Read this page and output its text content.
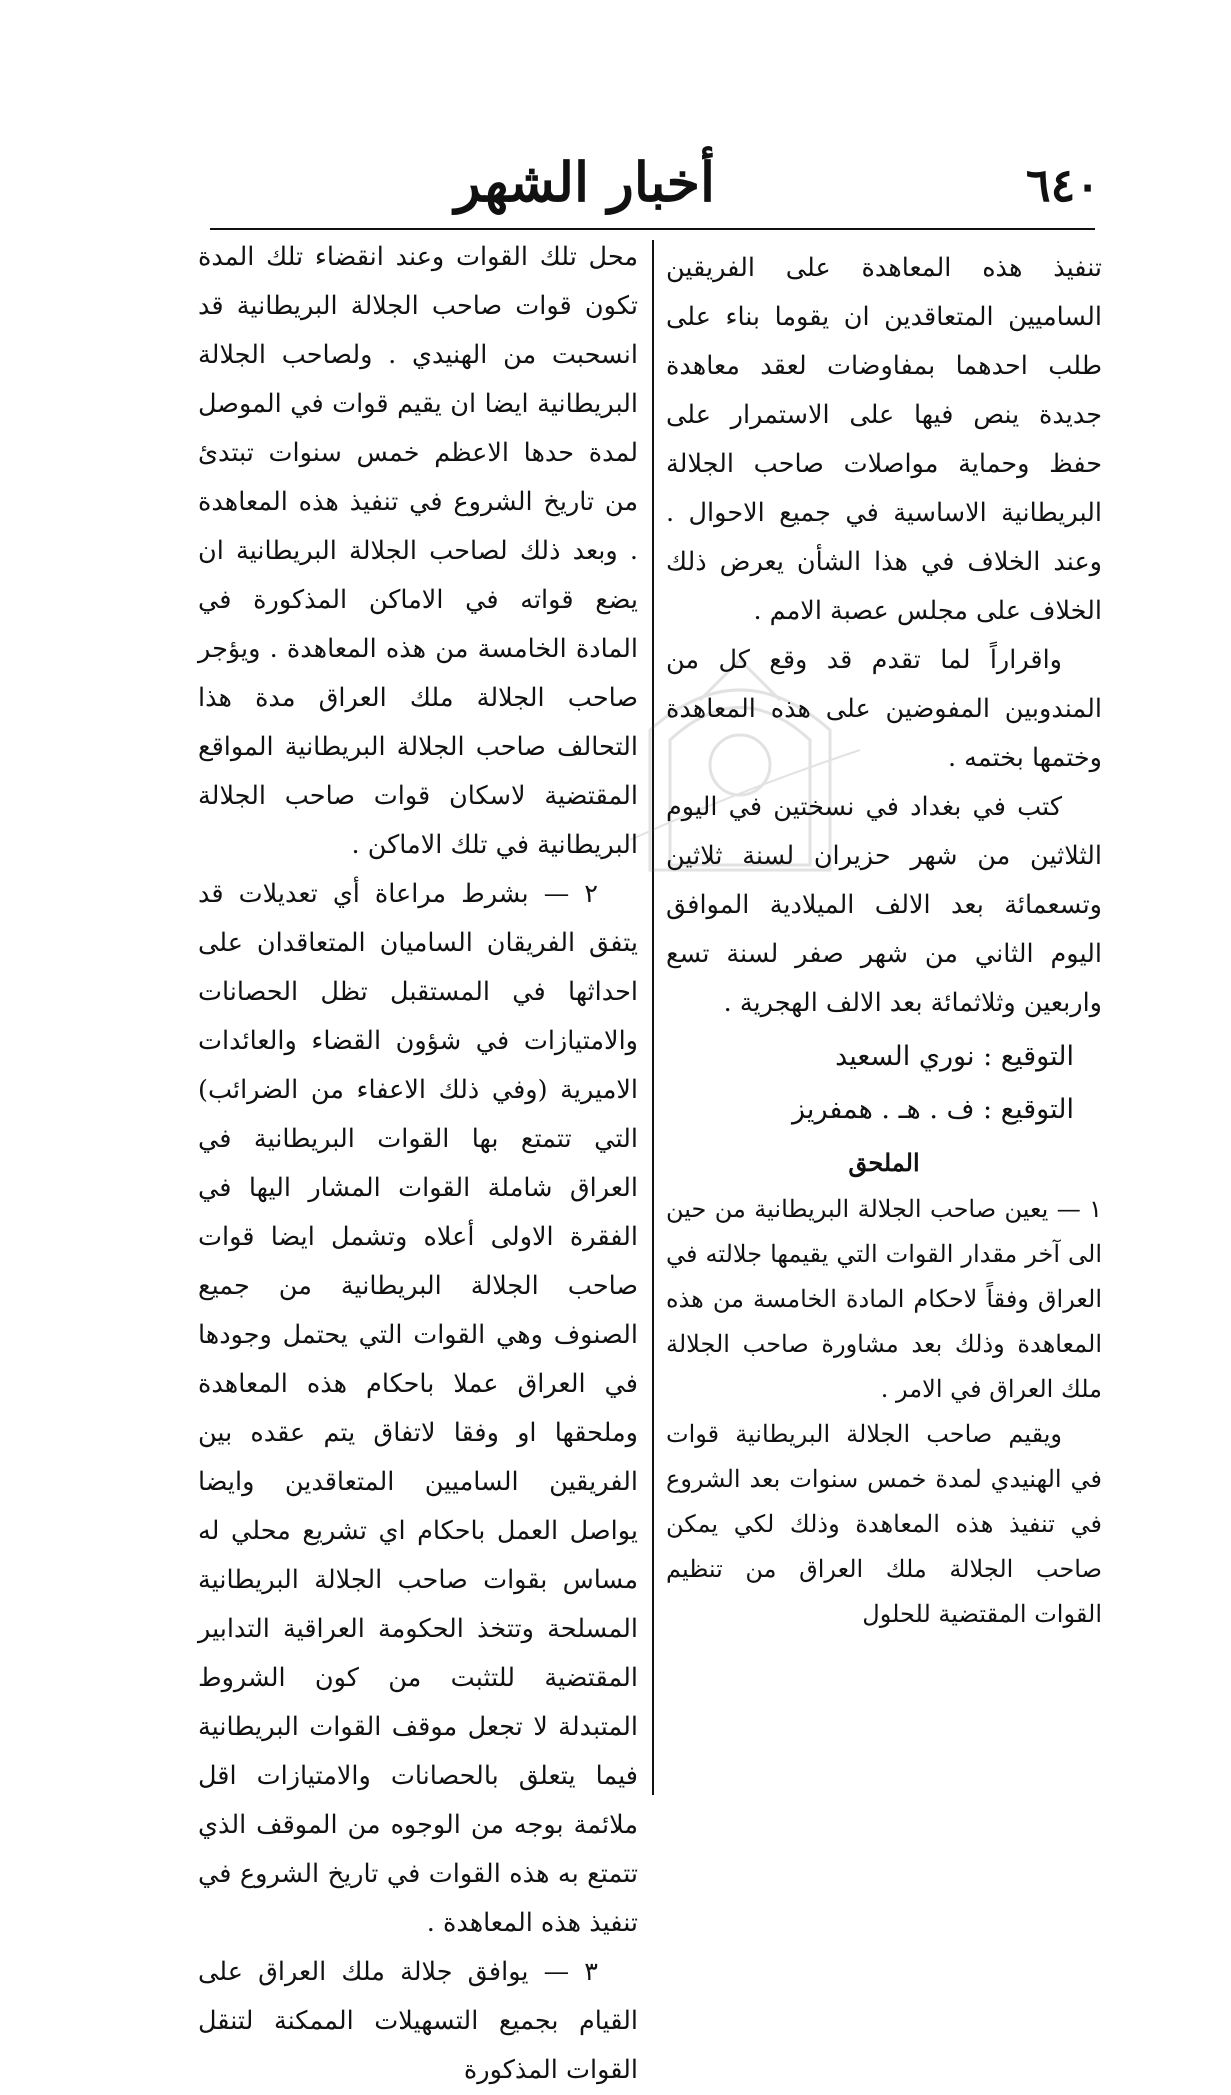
٦٤٠
أخبار الشهر

تنفيذ هذه المعاهدة على الفريقين الساميين المتعاقدين ان يقوما بناء على طلب احدهما بمفاوضات لعقد معاهدة جديدة ينص فيها على الاستمرار على حفظ وحماية مواصلات صاحب الجلالة البريطانية الاساسية في جميع الاحوال . وعند الخلاف في هذا الشأن يعرض ذلك الخلاف على مجلس عصبة الامم .

واقراراً لما تقدم قد وقع كل من المندوبين المفوضين على هذه المعاهدة وختمها بختمه .

كتب في بغداد في نسختين في اليوم الثلاثين من شهر حزيران لسنة ثلاثين وتسعمائة بعد الالف الميلادية الموافق اليوم الثاني من شهر صفر لسنة تسع واربعين وثلاثمائة بعد الالف الهجرية .

التوقيع : نوري السعيد

التوقيع : ف . هـ . همفريز

الملحق

١ — يعين صاحب الجلالة البريطانية من حين الى آخر مقدار القوات التي يقيمها جلالته في العراق وفقاً لاحكام المادة الخامسة من هذه المعاهدة وذلك بعد مشاورة صاحب الجلالة ملك العراق في الامر .

ويقيم صاحب الجلالة البريطانية قوات في الهنيدي لمدة خمس سنوات بعد الشروع في تنفيذ هذه المعاهدة وذلك لكي يمكن صاحب الجلالة ملك العراق من تنظيم القوات المقتضية للحلول

محل تلك القوات وعند انقضاء تلك المدة تكون قوات صاحب الجلالة البريطانية قد انسحبت من الهنيدي . ولصاحب الجلالة البريطانية ايضا ان يقيم قوات في الموصل لمدة حدها الاعظم خمس سنوات تبتدئ من تاريخ الشروع في تنفيذ هذه المعاهدة . وبعد ذلك لصاحب الجلالة البريطانية ان يضع قواته في الاماكن المذكورة في المادة الخامسة من هذه المعاهدة . ويؤجر صاحب الجلالة ملك العراق مدة هذا التحالف صاحب الجلالة البريطانية المواقع المقتضية لاسكان قوات صاحب الجلالة البريطانية في تلك الاماكن .

٢ — بشرط مراعاة أي تعديلات قد يتفق الفريقان الساميان المتعاقدان على احداثها في المستقبل تظل الحصانات والامتيازات في شؤون القضاء والعائدات الاميرية (وفي ذلك الاعفاء من الضرائب) التي تتمتع بها القوات البريطانية في العراق شاملة القوات المشار اليها في الفقرة الاولى أعلاه وتشمل ايضا قوات صاحب الجلالة البريطانية من جميع الصنوف وهي القوات التي يحتمل وجودها في العراق عملا باحكام هذه المعاهدة وملحقها او وفقا لاتفاق يتم عقده بين الفريقين الساميين المتعاقدين وايضا يواصل العمل باحكام اي تشريع محلي له مساس بقوات صاحب الجلالة البريطانية المسلحة وتتخذ الحكومة العراقية التدابير المقتضية للتثبت من كون الشروط المتبدلة لا تجعل موقف القوات البريطانية فيما يتعلق بالحصانات والامتيازات اقل ملائمة بوجه من الوجوه من الموقف الذي تتمتع به هذه القوات في تاريخ الشروع في تنفيذ هذه المعاهدة .

٣ — يوافق جلالة ملك العراق على القيام بجميع التسهيلات الممكنة لتنقل القوات المذكورة
